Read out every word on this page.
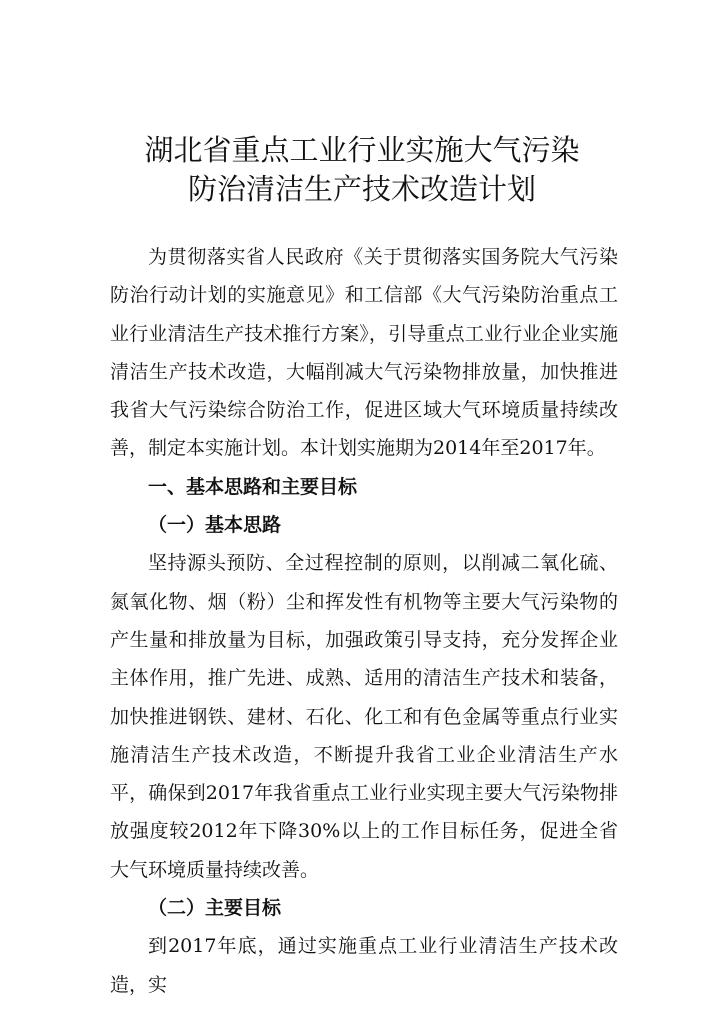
湖北省重点工业行业实施大气污染
防治清洁生产技术改造计划

为贯彻落实省人民政府《关于贯彻落实国务院大气污染防治行动计划的实施意见》和工信部《大气污染防治重点工业行业清洁生产技术推行方案》，引导重点工业行业企业实施清洁生产技术改造，大幅削减大气污染物排放量，加快推进我省大气污染综合防治工作，促进区域大气环境质量持续改善，制定本实施计划。本计划实施期为2014年至2017年。

一、基本思路和主要目标

（一）基本思路

坚持源头预防、全过程控制的原则，以削减二氧化硫、氮氧化物、烟（粉）尘和挥发性有机物等主要大气污染物的产生量和排放量为目标，加强政策引导支持，充分发挥企业主体作用，推广先进、成熟、适用的清洁生产技术和装备，加快推进钢铁、建材、石化、化工和有色金属等重点行业实施清洁生产技术改造，不断提升我省工业企业清洁生产水平，确保到2017年我省重点工业行业实现主要大气污染物排放强度较2012年下降30%以上的工作目标任务，促进全省大气环境质量持续改善。

（二）主要目标

到2017年底，通过实施重点工业行业清洁生产技术改造，实
